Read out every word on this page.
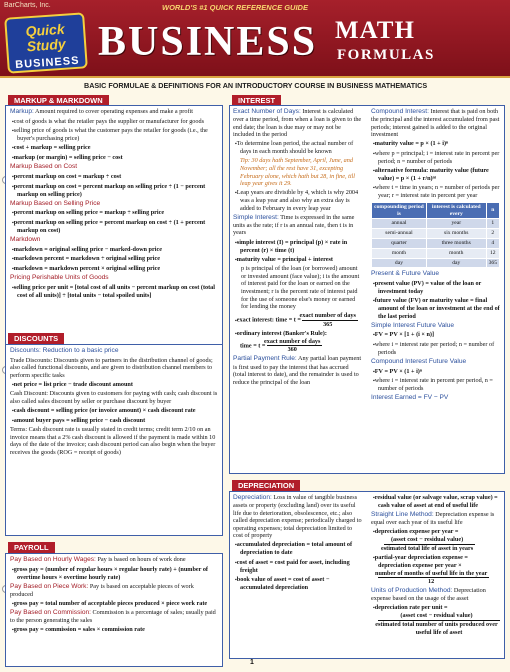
BarCharts, Inc.	WORLD'S #1 QUICK REFERENCE GUIDE
Quick Study
BUSINESS BUSINESS MATH
FORMULAS
BASIC FORMULAE & DEFINITIONS FOR AN INTRODUCTORY COURSE IN BUSINESS MATHEMATICS
MARKUP & MARKDOWN

Markup: Amount required to cover operating expenses and make a profit

▪ cost of goods is what the retailer pays the supplier or manufacturer for goods

▪ selling price of goods is what the customer pays the retailer for goods (i.e., the buyer's purchasing price)

▪ cost + markup = selling price

▪ markup (or margin) = selling price − cost

Markup Based on Cost

▪ percent markup on cost = markup ÷ cost

▪ percent markup on cost = percent markup on selling price ÷ (1 − percent markup on selling price)

Markup Based on Selling Price

▪ percent markup on selling price = markup ÷ selling price

▪ percent markup on selling price = percent markup on cost ÷ (1 + percent markup on cost)

Markdown

▪ markdown = original selling price − marked-down price

▪ markdown percent = markdown ÷ original selling price

▪ markdown = markdown percent × original selling price

Pricing Perishable Units of Goods

▪ selling price per unit = [total cost of all units − percent markup on cost (total cost of all units)] ÷ [total units − total spoiled units]

DISCOUNTS

Discounts: Reduction to a basic price

Trade Discounts: Discounts given to partners in the distribution channel of goods; also called functional discounts, and are given to distribution channel members to perform specific tasks

▪ net price = list price − trade discount amount

Cash Discount: Discounts given to customers for paying with cash; cash discount is also called sales discount by seller or purchase discount by buyer

▪ cash discount = selling price (or invoice amount) × cash discount rate

▪ amount buyer pays = selling price − cash discount

Terms: Cash discount rate is usually stated in credit terms; credit term 2/10 on an invoice means that a 2% cash discount is allowed if the payment is made within 10 days of the date of the invoice; cash discount period can also begin when the buyer receives the goods (ROG = receipt of goods)

PAYROLL

Pay Based on Hourly Wages: Pay is based on hours of work done

▪ gross pay = (number of regular hours × regular hourly rate) + (number of overtime hours × overtime hourly rate)

Pay Based on Piece Work: Pay is based on acceptable pieces of work produced

▪ gross pay = total number of acceptable pieces produced × piece work rate

Pay Based on Commission: Commission is a percentage of sales; usually paid to the person generating the sales

▪ gross pay = commission = sales × commission rate

INTEREST

Exact Number of Days: Interest is calculated over a time period, from when a loan is given to the end date; the loan is due may or may not be included in the period

▪ To determine loan period, the actual number of days in each month should be known

Tip: 30 days hath September, April, June, and November; all the rest have 31, excepting February alone, which hath but 28, in fine, till leap year gives it 29.

▪ Leap years are divisible by 4, which is why 2004 was a leap year and also why an extra day is added to February in every leap year

Simple Interest: Time is expressed in the same units as the rate; if r is an annual rate, then t is in years

▪ simple interest (I) = principal (p) × rate in percent (r) × time (t)

▪ maturity value = principal + interest

p is principal of the loan (or borrowed) amount or invested amount (face value); i is the amount of interest paid for the loan or earned on the investment; r is the percent rate of interest paid for the use of someone else's money or earned for lending the money

▪ exact interest: time = $t = \frac{\text{exact number of days}}{365}$

▪ ordinary interest (Banker's Rule):
time = $t = \frac{\text{exact number of days}}{360}$

Partial Payment Rule: Any partial loan payment is first used to pay the interest that has accrued (total interest to date), and the remainder is used to reduce the principal of the loan

Compound Interest: Interest that is paid on both the principal and the interest accumulated from past periods; interest gained is added to the original investment

▪ maturity value = p × (1 + i)ⁿ

▪ where p = principal; i = interest rate in percent per period; n = number of periods

▪ alternative formula: maturity value (future value) = p × (1 + r/n)ⁿᵗ

▪ where t = time in years; n = number of periods per year; r = interest rate in percent per year

compounding period is	interest is calculated every	n
annual	year	1
semi-annual	six months	2
quarter	three months	4
month	month	12
day	day	365

Present & Future Value

▪ present value (PV) = value of the loan or investment today

▪ future value (FV) or maturity value = final amount of the loan or investment at the end of the last period

Simple Interest Future Value

▪ FV = PV × [1 + (i × n)]

▪ where i = interest rate per period; n = number of periods

Compound Interest Future Value

▪ FV = PV × (1 + i)ⁿ

▪ where i = interest rate in percent per period, n = number of periods

Interest Earned = FV − PV

DEPRECIATION

Depreciation: Loss in value of tangible business assets or property (excluding land) over its useful life due to deterioration, obsolescence, etc.; also called depreciation expense; periodically charged to operating expenses; total depreciation limited to cost of property

▪ accumulated depreciation = total amount of depreciation to date

▪ cost of asset = cost paid for asset, including freight

▪ book value of asset = cost of asset − accumulated depreciation

▪ residual value (or salvage value, scrap value) = cash value of asset at end of useful life

Straight Line Method: Depreciation expense is equal over each year of its useful life

▪ depreciation expense per year =

$\frac{\text{(asset cost − residual value)}}{\text{estimated total life of asset in years}}$

▪ partial-year depreciation expense = depreciation expense per year ×

$\frac{\text{number of months of useful life in the year}}{12}$

Units of Production Method: Depreciation expense based on the usage of the asset

▪ depreciation rate per unit =

(asset cost − residual value)
estimated total number of units produced over useful life of asset

1
